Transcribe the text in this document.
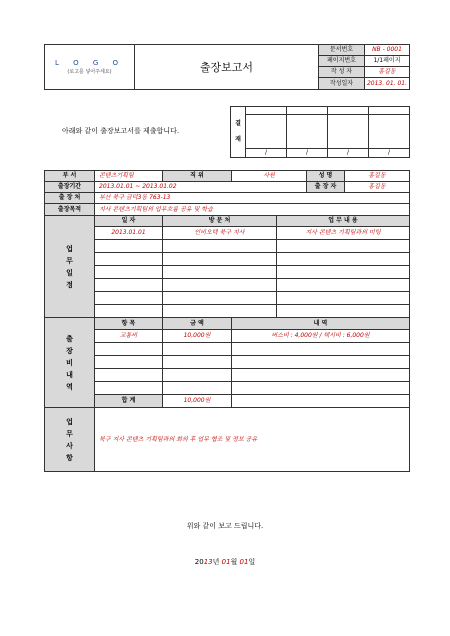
L O G O
(로고를 넣어주세요)	출장보고서	문서번호	NB - 0001
		페이지번호	1/1페이지
		작 성 자	홍길동
		작성일자	2013. 01. 01.
아래와 같이 출장보고서를 제출합니다.
결
재				

	/	/	/	/
부 서	콘텐츠기획팀	직 위	사원		성 명	홍길동
출장기간	2013.01.01 ~ 2013.01.02				출 장 자	홍길동
출 장 처	부산 북구 금덕3동 763-13					
출장목적	지사 콘텐츠기획팀의 업무흐름 공유 및 학습					

업
무
일
정	일 자	방 문 처		업 무 내 용		
	2013.01.01	인비오텍 북구 지사		지사 콘텐츠 기획팀과의 미팅		

출
장
비
내
역	항 목	금 액	내 역			
	교통비	10,000원	버스비 : 4,000원 / 택시비 : 6,000원			

	합 계	10,000원				

업
무
사
항	북구 지사 콘텐츠 기획팀과의 회의 후 업무 협조 및 정보 공유					
위와 같이 보고 드립니다.
2013년 01월 01일
